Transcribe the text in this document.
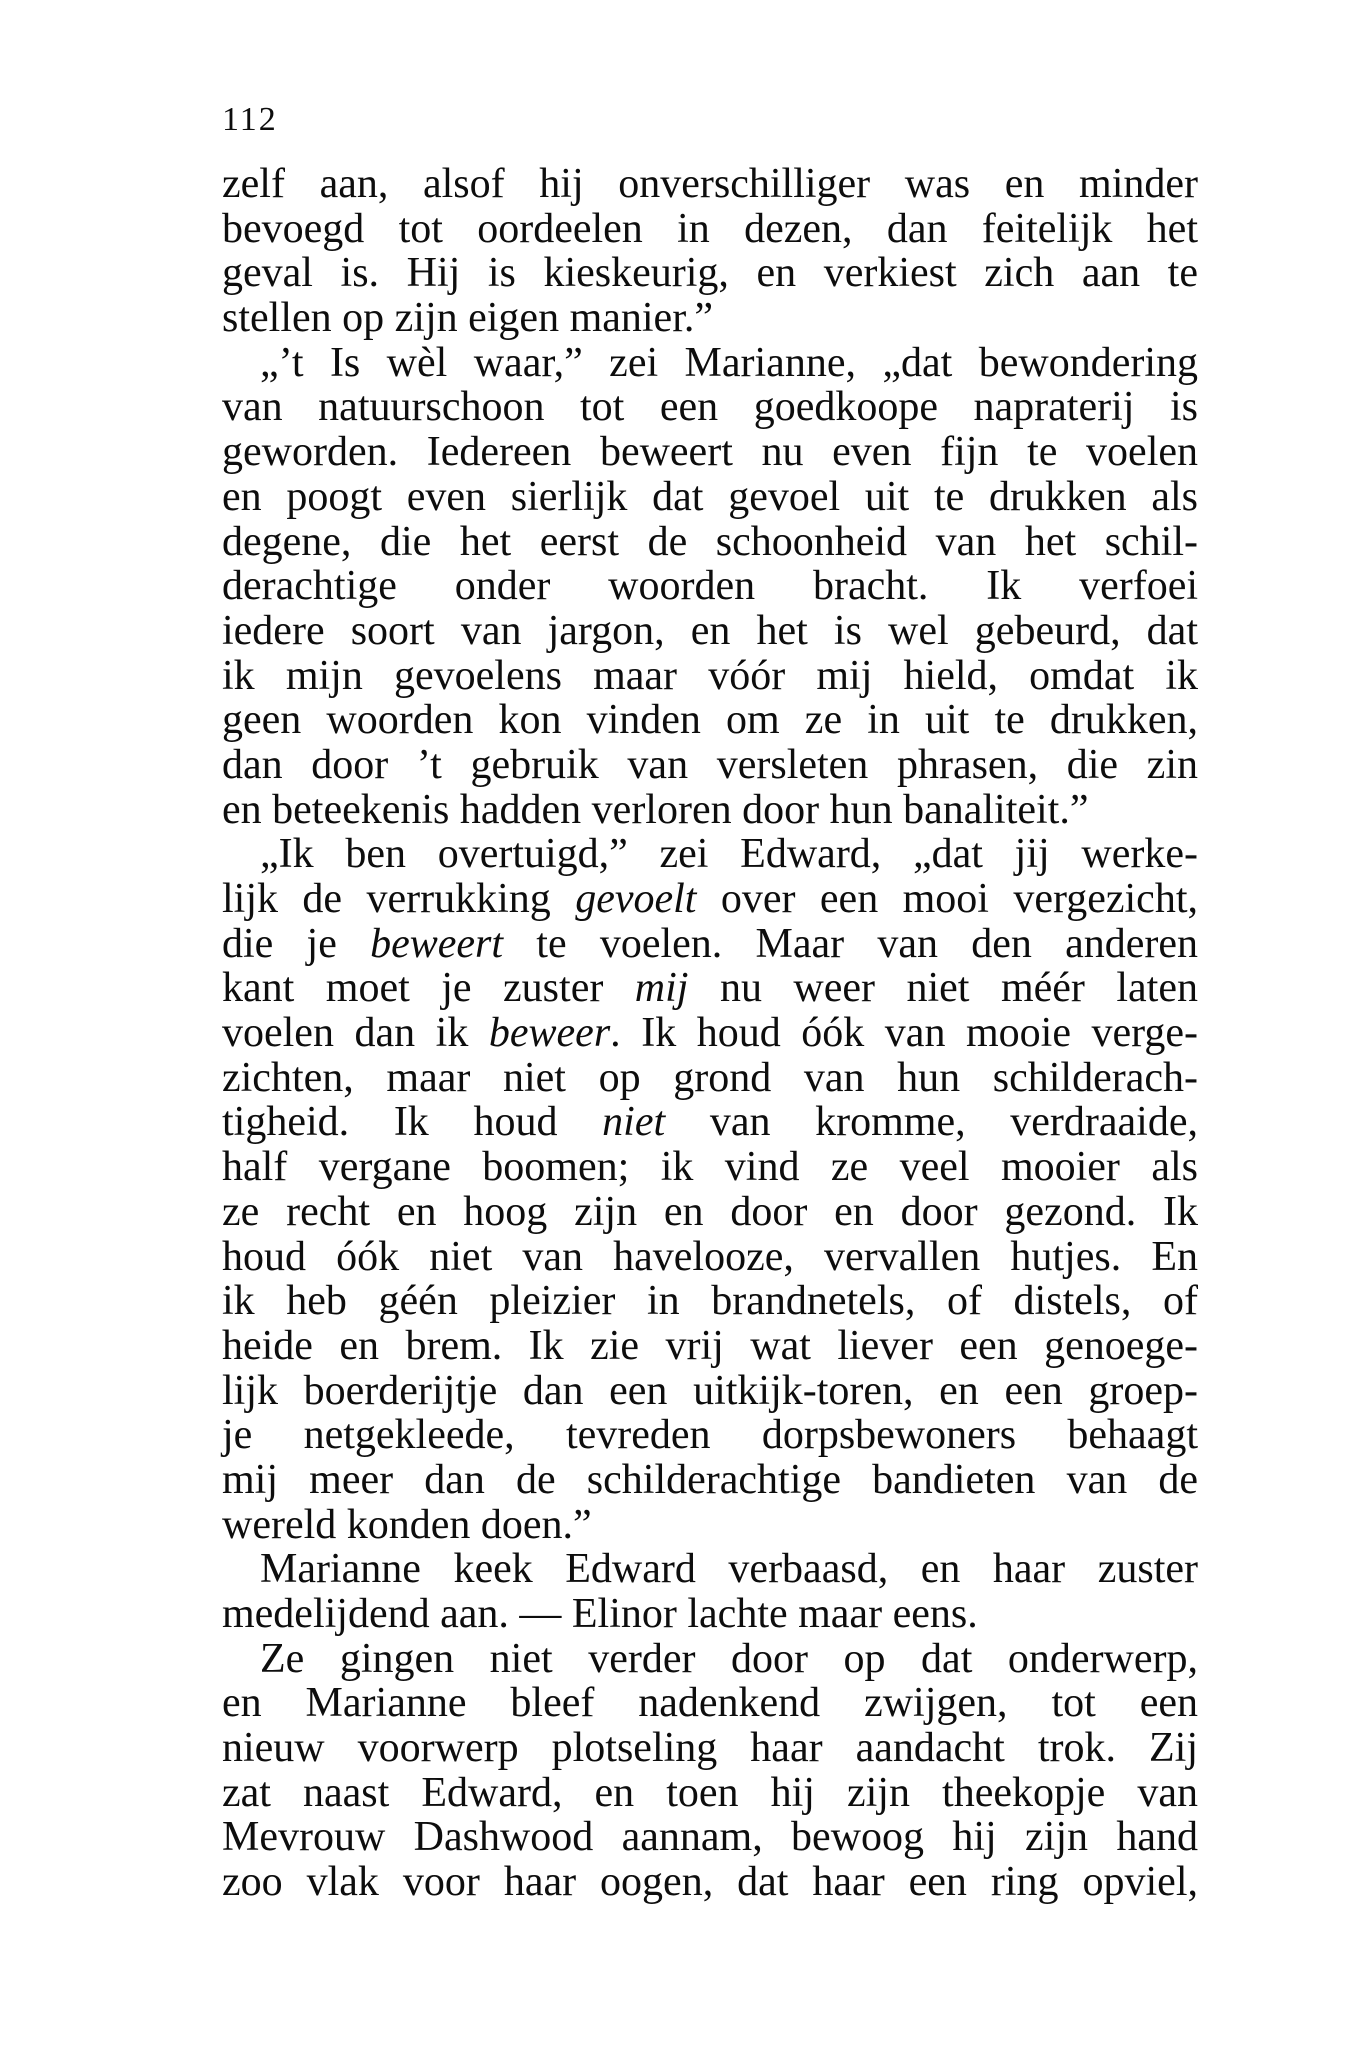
112
zelf aan, alsof hij onverschilliger was en minder
bevoegd tot oordeelen in dezen, dan feitelijk het
geval is. Hij is kieskeurig, en verkiest zich aan te
stellen op zijn eigen manier.”
„’t Is wèl waar,” zei Marianne, „dat bewondering
van natuurschoon tot een goedkoope napraterij is
geworden. Iedereen beweert nu even fijn te voelen
en poogt even sierlijk dat gevoel uit te drukken als
degene, die het eerst de schoonheid van het schil-
derachtige onder woorden bracht. Ik verfoei
iedere soort van jargon, en het is wel gebeurd, dat
ik mijn gevoelens maar vóór mij hield, omdat ik
geen woorden kon vinden om ze in uit te drukken,
dan door ’t gebruik van versleten phrasen, die zin
en beteekenis hadden verloren door hun banaliteit.”
„Ik ben overtuigd,” zei Edward, „dat jij werke-
lijk de verrukking gevoelt over een mooi vergezicht,
die je beweert te voelen. Maar van den anderen
kant moet je zuster mij nu weer niet méér laten
voelen dan ik beweer. Ik houd óók van mooie verge-
zichten, maar niet op grond van hun schilderach-
tigheid. Ik houd niet van kromme, verdraaide,
half vergane boomen; ik vind ze veel mooier als
ze recht en hoog zijn en door en door gezond. Ik
houd óók niet van havelooze, vervallen hutjes. En
ik heb géén pleizier in brandnetels, of distels, of
heide en brem. Ik zie vrij wat liever een genoege-
lijk boerderijtje dan een uitkijk-toren, en een groep-
je netgekleede, tevreden dorpsbewoners behaagt
mij meer dan de schilderachtige bandieten van de
wereld konden doen.”
Marianne keek Edward verbaasd, en haar zuster
medelijdend aan. — Elinor lachte maar eens.
Ze gingen niet verder door op dat onderwerp,
en Marianne bleef nadenkend zwijgen, tot een
nieuw voorwerp plotseling haar aandacht trok. Zij
zat naast Edward, en toen hij zijn theekopje van
Mevrouw Dashwood aannam, bewoog hij zijn hand
zoo vlak voor haar oogen, dat haar een ring opviel,
